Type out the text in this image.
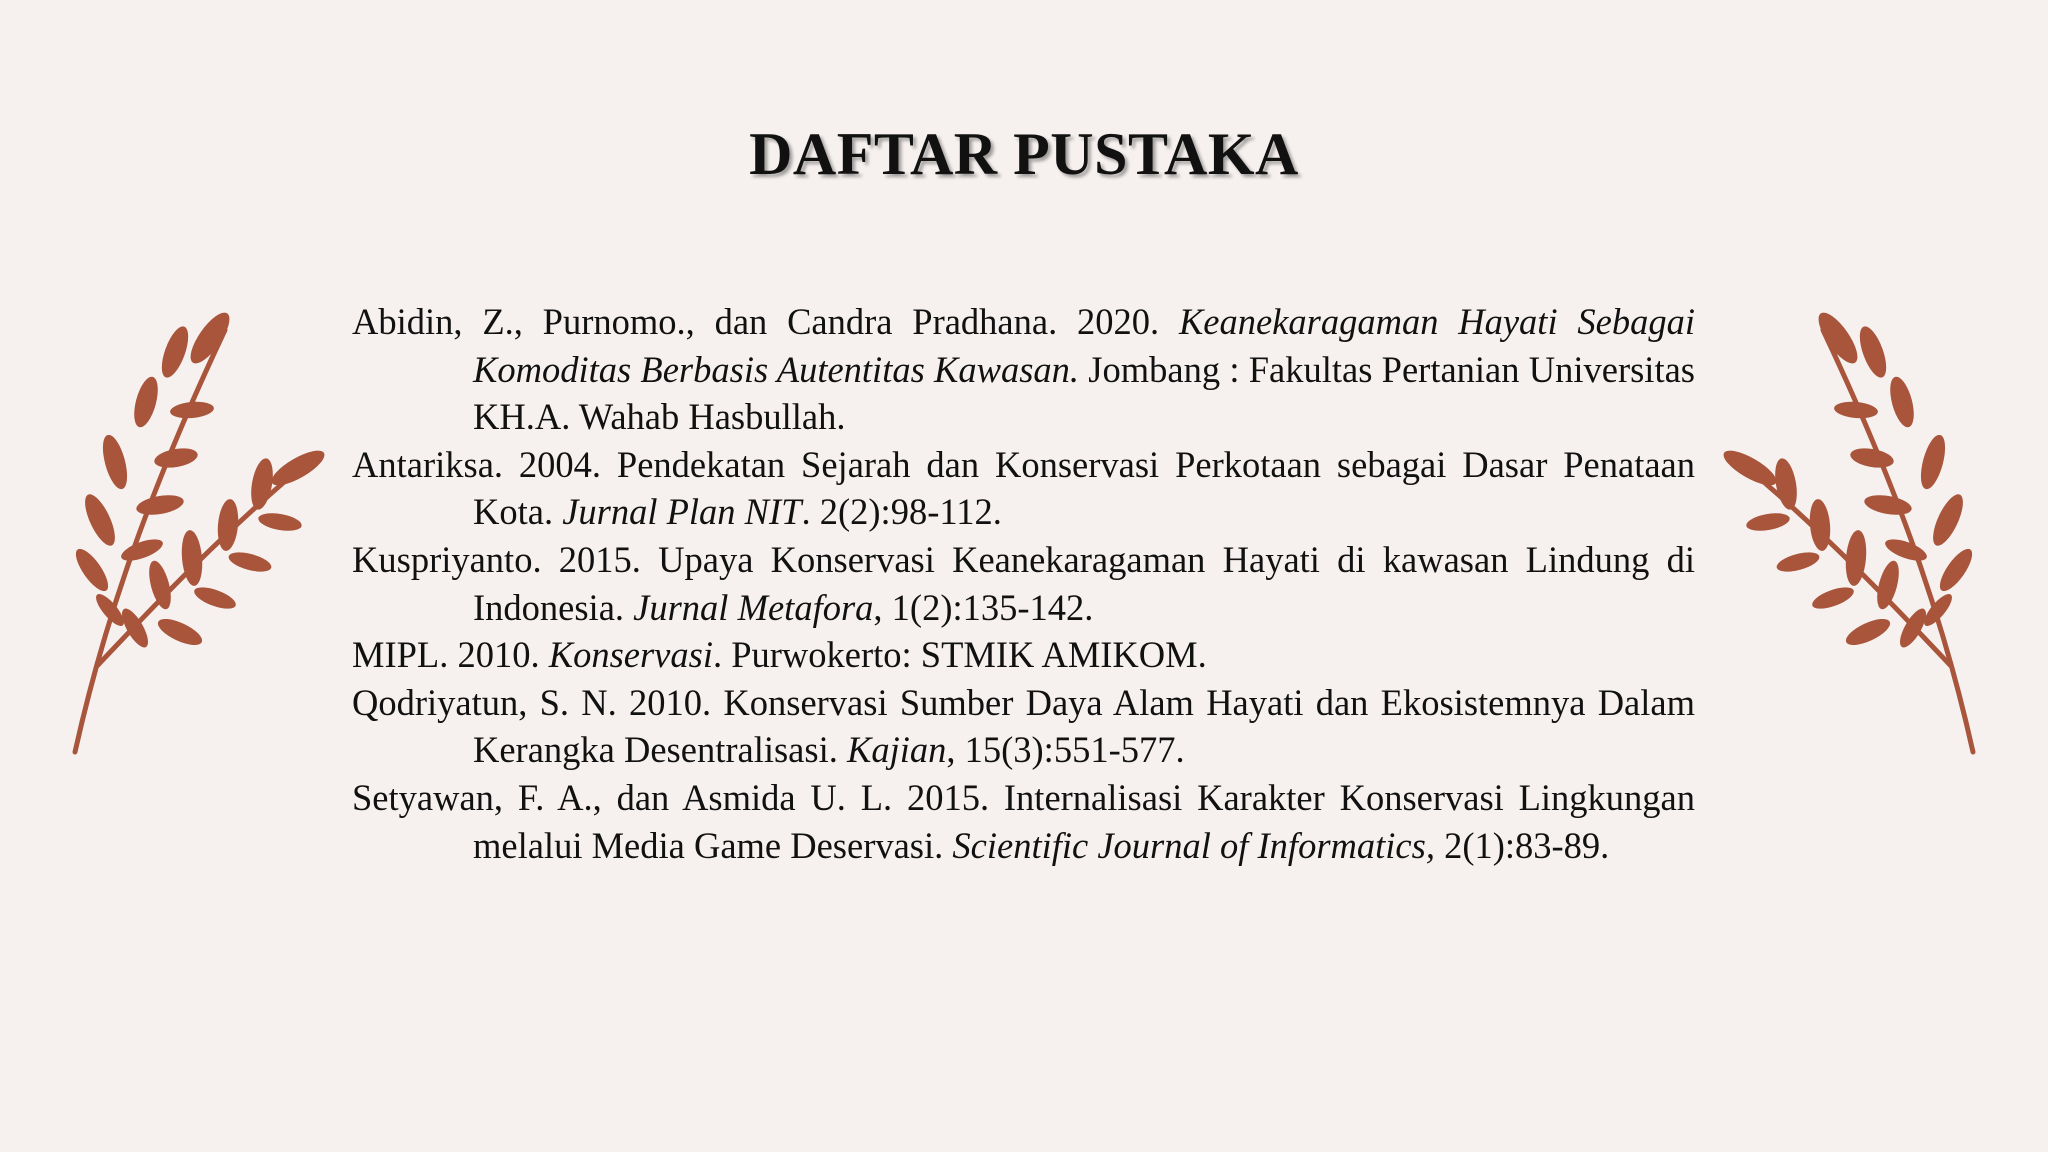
DAFTAR PUSTAKA

Abidin, Z., Purnomo., dan Candra Pradhana. 2020. Keanekaragaman Hayati Sebagai Komoditas Berbasis Autentitas Kawasan. Jombang : Fakultas Pertanian Universitas KH.A. Wahab Hasbullah.

Antariksa. 2004. Pendekatan Sejarah dan Konservasi Perkotaan sebagai Dasar Penataan Kota. Jurnal Plan NIT. 2(2):98-112.

Kuspriyanto. 2015. Upaya Konservasi Keanekaragaman Hayati di kawasan Lindung di Indonesia. Jurnal Metafora, 1(2):135-142.

MIPL. 2010. Konservasi. Purwokerto: STMIK AMIKOM.

Qodriyatun, S. N. 2010. Konservasi Sumber Daya Alam Hayati dan Ekosistemnya Dalam Kerangka Desentralisasi. Kajian, 15(3):551-577.

Setyawan, F. A., dan Asmida U. L. 2015. Internalisasi Karakter Konservasi Lingkungan melalui Media Game Deservasi. Scientific Journal of Informatics, 2(1):83-89.
